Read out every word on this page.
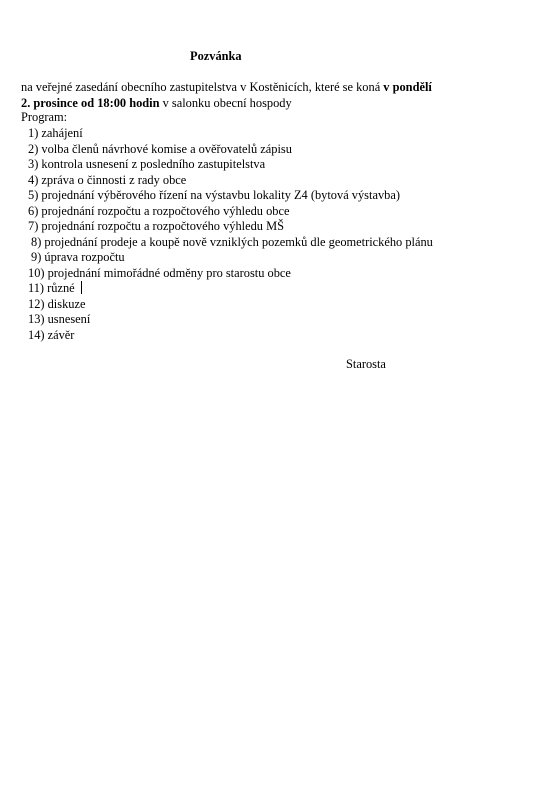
Pozvánka
na veřejné zasedání obecního zastupitelstva v Kostěnicích, které se koná v pondělí
2. prosince od 18:00 hodin v salonku obecní hospody
Program:
1) zahájení
2) volba členů návrhové komise a ověřovatelů zápisu
3) kontrola usnesení z posledního zastupitelstva
4) zpráva o činnosti z rady obce
5) projednání výběrového řízení na výstavbu lokality Z4 (bytová výstavba)
6) projednání rozpočtu a rozpočtového výhledu obce
7) projednání rozpočtu a rozpočtového výhledu MŠ
8) projednání prodeje a koupě nově vzniklých pozemků dle geometrického plánu
9) úprava rozpočtu
10) projednání mimořádné odměny pro starostu obce
11) různé
12) diskuze
13) usnesení
14) závěr
Starosta
